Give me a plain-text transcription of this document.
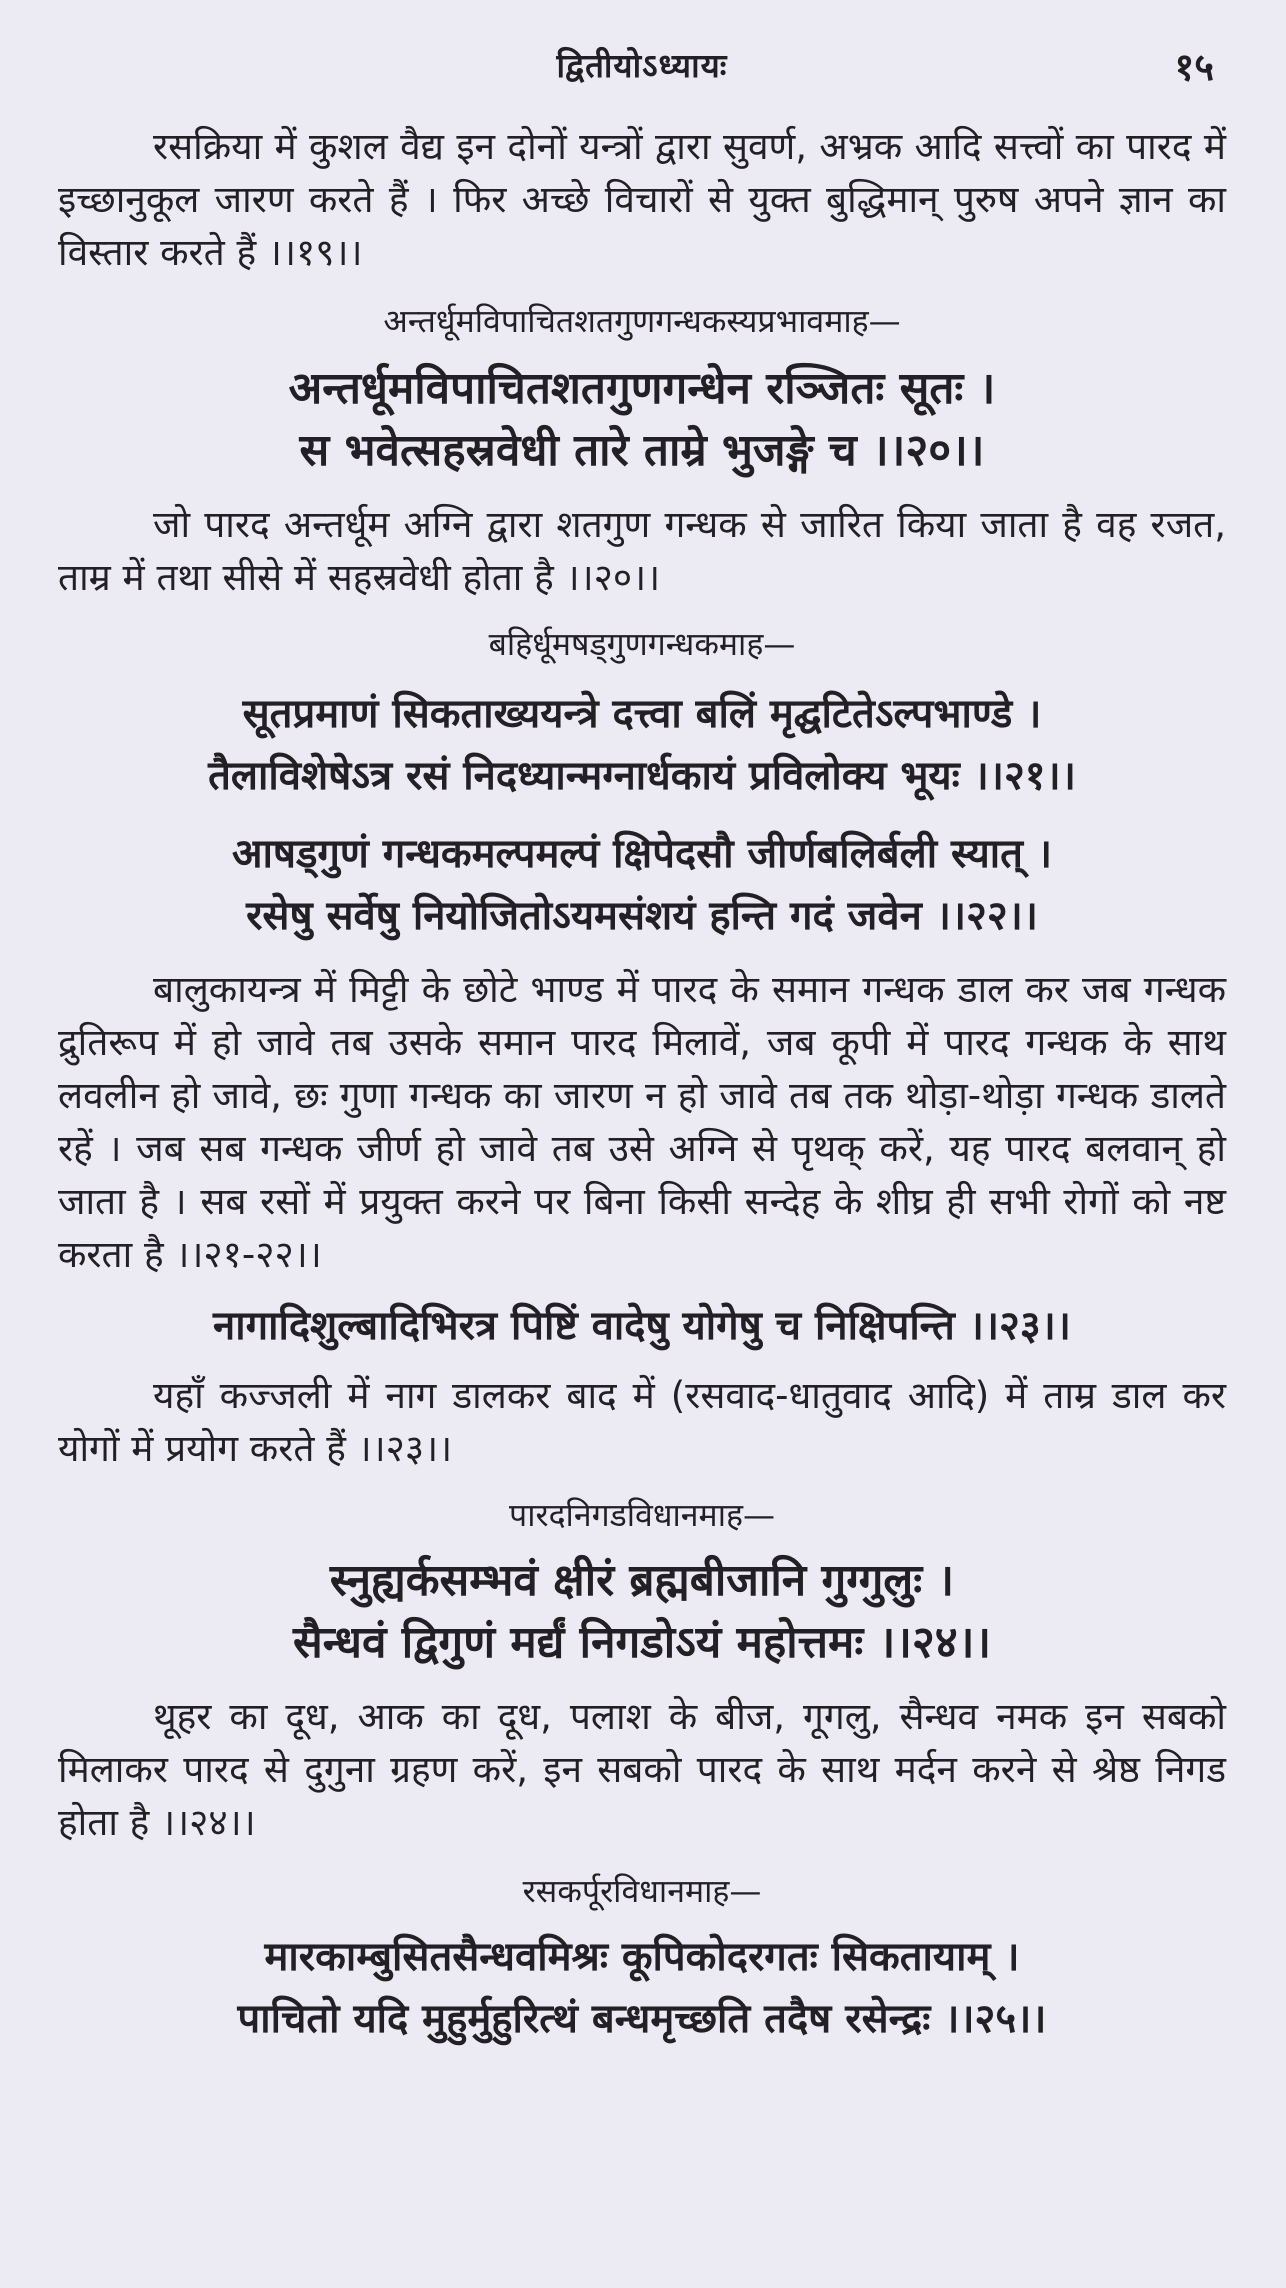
द्वितीयोऽध्यायः	१५

रसक्रिया में कुशल वैद्य इन दोनों यन्त्रों द्वारा सुवर्ण, अभ्रक आदि सत्त्वों का पारद में इच्छानुकूल जारण करते हैं । फिर अच्छे विचारों से युक्त बुद्धिमान् पुरुष अपने ज्ञान का विस्तार करते हैं ।।१९।।

अन्तर्धूमविपाचितशतगुणगन्धकस्यप्रभावमाह—

अन्तर्धूमविपाचितशतगुणगन्धेन रञ्जितः सूतः ।
स भवेत्सहस्रवेधी तारे ताम्रे भुजङ्गे च ।।२०।।

जो पारद अन्तर्धूम अग्नि द्वारा शतगुण गन्धक से जारित किया जाता है वह रजत, ताम्र में तथा सीसे में सहस्रवेधी होता है ।।२०।।

बहिर्धूमषड्गुणगन्धकमाह—

सूतप्रमाणं सिकताख्ययन्त्रे दत्त्वा बलिं मृद्घटितेऽल्पभाण्डे ।
तैलाविशेषेऽत्र रसं निदध्यान्मग्नार्धकायं प्रविलोक्य भूयः ।।२१।।
आषड्गुणं गन्धकमल्पमल्पं क्षिपेदसौ जीर्णबलिर्बली स्यात् ।
रसेषु सर्वेषु नियोजितोऽयमसंशयं हन्ति गदं जवेन ।।२२।।

बालुकायन्त्र में मिट्टी के छोटे भाण्ड में पारद के समान गन्धक डाल कर जब गन्धक द्रुतिरूप में हो जावे तब उसके समान पारद मिलावें, जब कूपी में पारद गन्धक के साथ लवलीन हो जावे, छः गुणा गन्धक का जारण न हो जावे तब तक थोड़ा-थोड़ा गन्धक डालते रहें । जब सब गन्धक जीर्ण हो जावे तब उसे अग्नि से पृथक् करें, यह पारद बलवान् हो जाता है । सब रसों में प्रयुक्त करने पर बिना किसी सन्देह के शीघ्र ही सभी रोगों को नष्ट करता है ।।२१-२२।।

नागादिशुल्बादिभिरत्र पिष्टिं वादेषु योगेषु च निक्षिपन्ति ।।२३।।

यहाँ कज्जली में नाग डालकर बाद में (रसवाद-धातुवाद आदि) में ताम्र डाल कर योगों में प्रयोग करते हैं ।।२३।।

पारदनिगडविधानमाह—

स्नुह्यर्कसम्भवं क्षीरं ब्रह्मबीजानि गुग्गुलुः ।
सैन्धवं द्विगुणं मर्द्यं निगडोऽयं महोत्तमः ।।२४।।

थूहर का दूध, आक का दूध, पलाश के बीज, गूगलु, सैन्धव नमक इन सबको मिलाकर पारद से दुगुना ग्रहण करें, इन सबको पारद के साथ मर्दन करने से श्रेष्ठ निगड होता है ।।२४।।

रसकर्पूरविधानमाह—

मारकाम्बुसितसैन्धवमिश्रः कूपिकोदरगतः सिकतायाम् ।
पाचितो यदि मुहुर्मुहुरित्थं बन्धमृच्छति तदैष रसेन्द्रः ।।२५।।
